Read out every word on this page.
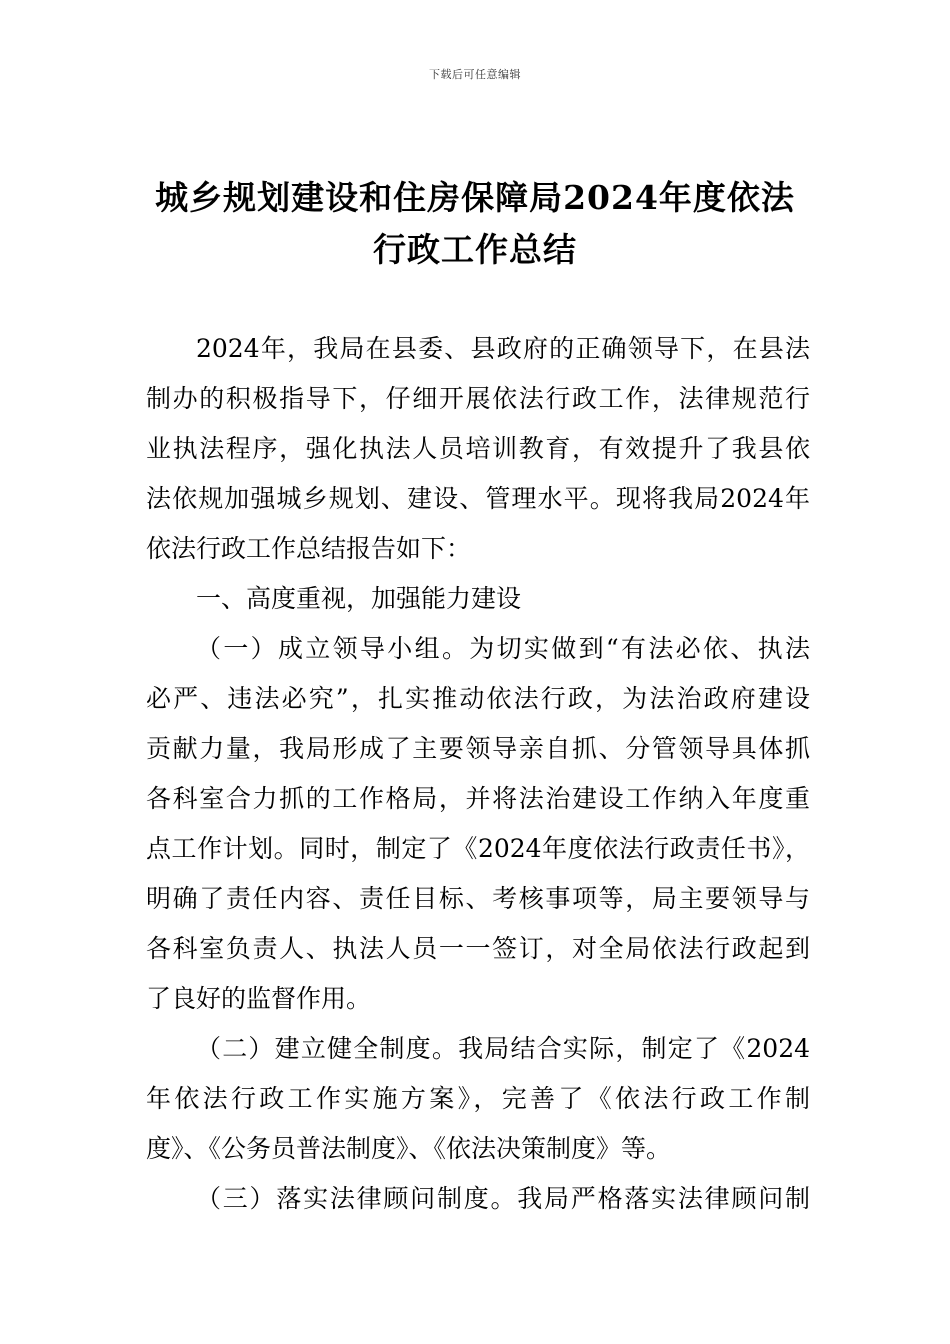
下载后可任意编辑
城乡规划建设和住房保障局2024年度依法
行政工作总结
2024年，我局在县委、县政府的正确领导下，在县法
制办的积极指导下，仔细开展依法行政工作，法律规范行
业执法程序，强化执法人员培训教育，有效提升了我县依
法依规加强城乡规划、建设、管理水平。现将我局2024年
依法行政工作总结报告如下：
一、高度重视，加强能力建设
（一）成立领导小组。为切实做到“有法必依、执法
必严、违法必究”，扎实推动依法行政，为法治政府建设
贡献力量，我局形成了主要领导亲自抓、分管领导具体抓
各科室合力抓的工作格局，并将法治建设工作纳入年度重
点工作计划。同时，制定了《2024年度依法行政责任书》，
明确了责任内容、责任目标、考核事项等，局主要领导与
各科室负责人、执法人员一一签订，对全局依法行政起到
了良好的监督作用。
（二）建立健全制度。我局结合实际，制定了《2024
年依法行政工作实施方案》，完善了《依法行政工作制
度》、《公务员普法制度》、《依法决策制度》等。
（三）落实法律顾问制度。我局严格落实法律顾问制
